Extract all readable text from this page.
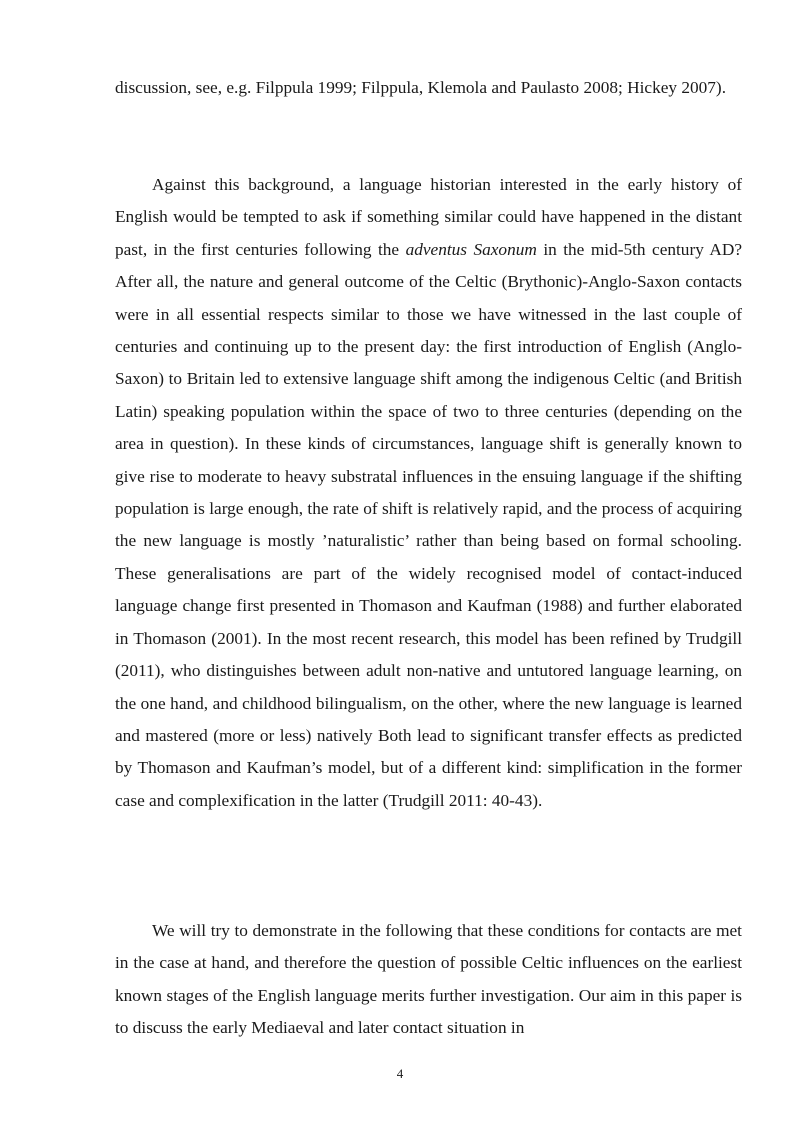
discussion, see, e.g. Filppula 1999; Filppula, Klemola and Paulasto 2008; Hickey 2007).

Against this background, a language historian interested in the early history of English would be tempted to ask if something similar could have happened in the distant past, in the first centuries following the adventus Saxonum in the mid-5th century AD? After all, the nature and general outcome of the Celtic (Brythonic)-Anglo-Saxon contacts were in all essential respects similar to those we have witnessed in the last couple of centuries and continuing up to the present day: the first introduction of English (Anglo-Saxon) to Britain led to extensive language shift among the indigenous Celtic (and British Latin) speaking population within the space of two to three centuries (depending on the area in question). In these kinds of circumstances, language shift is generally known to give rise to moderate to heavy substratal influences in the ensuing language if the shifting population is large enough, the rate of shift is relatively rapid, and the process of acquiring the new language is mostly ’naturalistic’ rather than being based on formal schooling. These generalisations are part of the widely recognised model of contact-induced language change first presented in Thomason and Kaufman (1988) and further elaborated in Thomason (2001). In the most recent research, this model has been refined by Trudgill (2011), who distinguishes between adult non-native and untutored language learning, on the one hand, and childhood bilingualism, on the other, where the new language is learned and mastered (more or less) natively Both lead to significant transfer effects as predicted by Thomason and Kaufman’s model, but of a different kind: simplification in the former case and complexification in the latter (Trudgill 2011: 40-43).

We will try to demonstrate in the following that these conditions for contacts are met in the case at hand, and therefore the question of possible Celtic influences on the earliest known stages of the English language merits further investigation. Our aim in this paper is to discuss the early Mediaeval and later contact situation in

4
